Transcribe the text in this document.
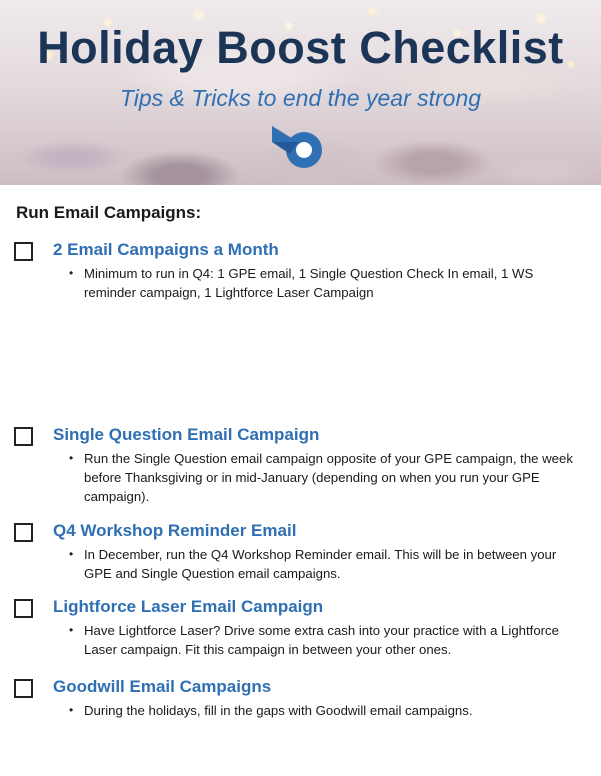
Holiday Boost Checklist

Tips & Tricks to end the year strong

Run Email Campaigns:
2 Email Campaigns a Month
• Minimum to run in Q4: 1 GPE email, 1 Single Question Check In email, 1 WS reminder campaign, 1 Lightforce Laser Campaign

Single Question Email Campaign
• Run the Single Question email campaign opposite of your GPE campaign, the week before Thanksgiving or in mid-January (depending on when you run your GPE campaign).

Q4 Workshop Reminder Email
• In December, run the Q4 Workshop Reminder email. This will be in between your GPE and Single Question email campaigns.

Lightforce Laser Email Campaign
• Have Lightforce Laser? Drive some extra cash into your practice with a Lightforce Laser campaign. Fit this campaign in between your other ones.

Goodwill Email Campaigns
• During the holidays, fill in the gaps with Goodwill email campaigns.
